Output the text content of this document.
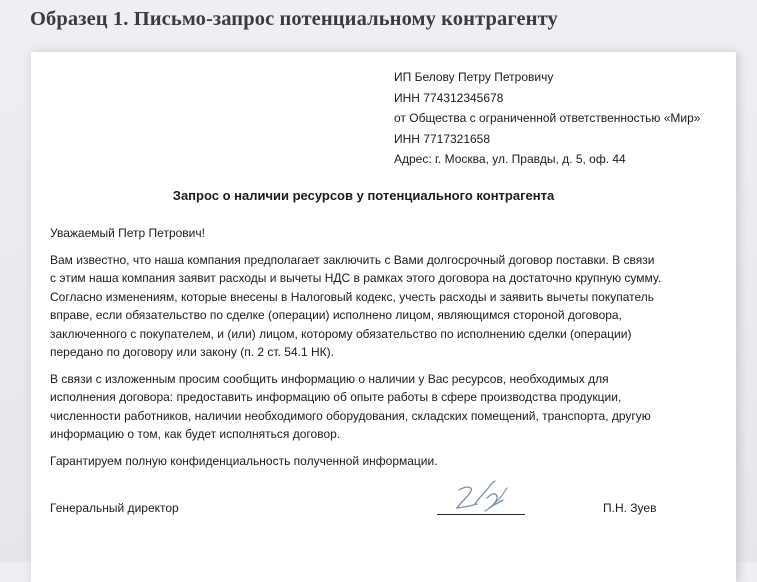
Образец 1. Письмо-запрос потенциальному контрагенту
ИП Белову Петру Петровичу
ИНН 774312345678
от Общества с ограниченной ответственностью «Мир»
ИНН 7717321658
Адрес: г. Москва, ул. Правды, д. 5, оф. 44
Запрос о наличии ресурсов у потенциального контрагента

Уважаемый Петр Петрович!

Вам известно, что наша компания предполагает заключить с Вами долгосрочный договор поставки. В связи
с этим наша компания заявит расходы и вычеты НДС в рамках этого договора на достаточно крупную сумму.
Согласно изменениям, которые внесены в Налоговый кодекс, учесть расходы и заявить вычеты покупатель
вправе, если обязательство по сделке (операции) исполнено лицом, являющимся стороной договора,
заключенного с покупателем, и (или) лицом, которому обязательство по исполнению сделки (операции)
передано по договору или закону (п. 2 ст. 54.1 НК).

В связи с изложенным просим сообщить информацию о наличии у Вас ресурсов, необходимых для
исполнения договора: предоставить информацию об опыте работы в сфере производства продукции,
численности работников, наличии необходимого оборудования, складских помещений, транспорта, другую
информацию о том, как будет исполняться договор.

Гарантируем полную конфиденциальность полученной информации.

Генеральный директор	П.Н. Зуев
